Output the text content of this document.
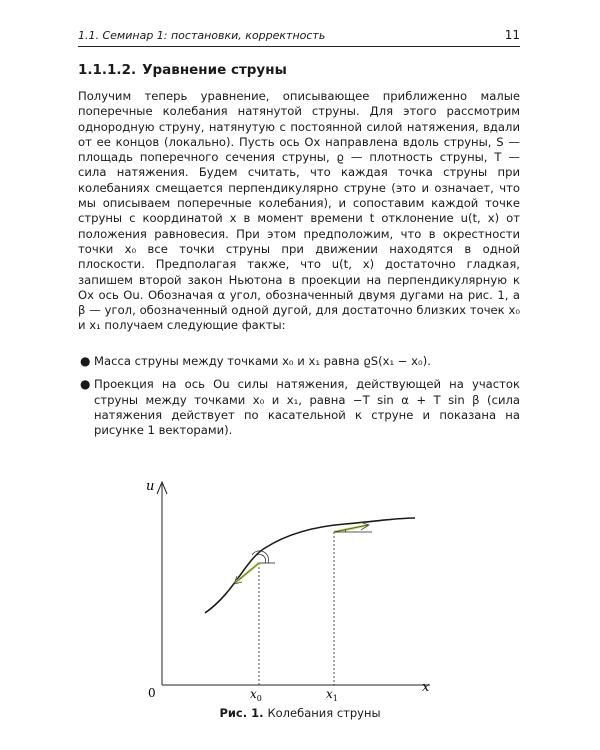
1.1. Семинар 1: постановки, корректность	11
1.1.1.2. Уравнение струны

Получим теперь уравнение, описывающее приближенно малые поперечные колебания натянутой струны. Для этого рассмотрим однородную струну, натянутую с постоянной силой натяжения, вдали от ее концов (локально). Пусть ось Ox направлена вдоль струны, S — площадь поперечного сечения струны, ϱ — плотность струны, T — сила натяжения. Будем считать, что каждая точка струны при колебаниях смещается перпендикулярно струне (это и означает, что мы описываем поперечные колебания), и сопоставим каждой точке струны с координатой x в момент времени t отклонение u(t, x) от положения равновесия. При этом предположим, что в окрестности точки x₀ все точки струны при движении находятся в одной плоскости. Предполагая также, что u(t, x) достаточно гладкая, запишем второй закон Ньютона в проекции на перпендикулярную к Ox ось Ou. Обозначая α угол, обозначенный двумя дугами на рис. 1, а β — угол, обозначенный одной дугой, для достаточно близких точек x₀ и x₁ получаем следующие факты:

● Масса струны между точками x₀ и x₁ равна ϱS(x₁ − x₀).
● Проекция на ось Ou силы натяжения, действующей на участок струны между точками x₀ и x₁, равна −T sin α + T sin β (сила натяжения действует по касательной к струне и показана на рисунке 1 векторами).
u
x
0	$x_0$	$x_1$
Рис. 1. Колебания струны
